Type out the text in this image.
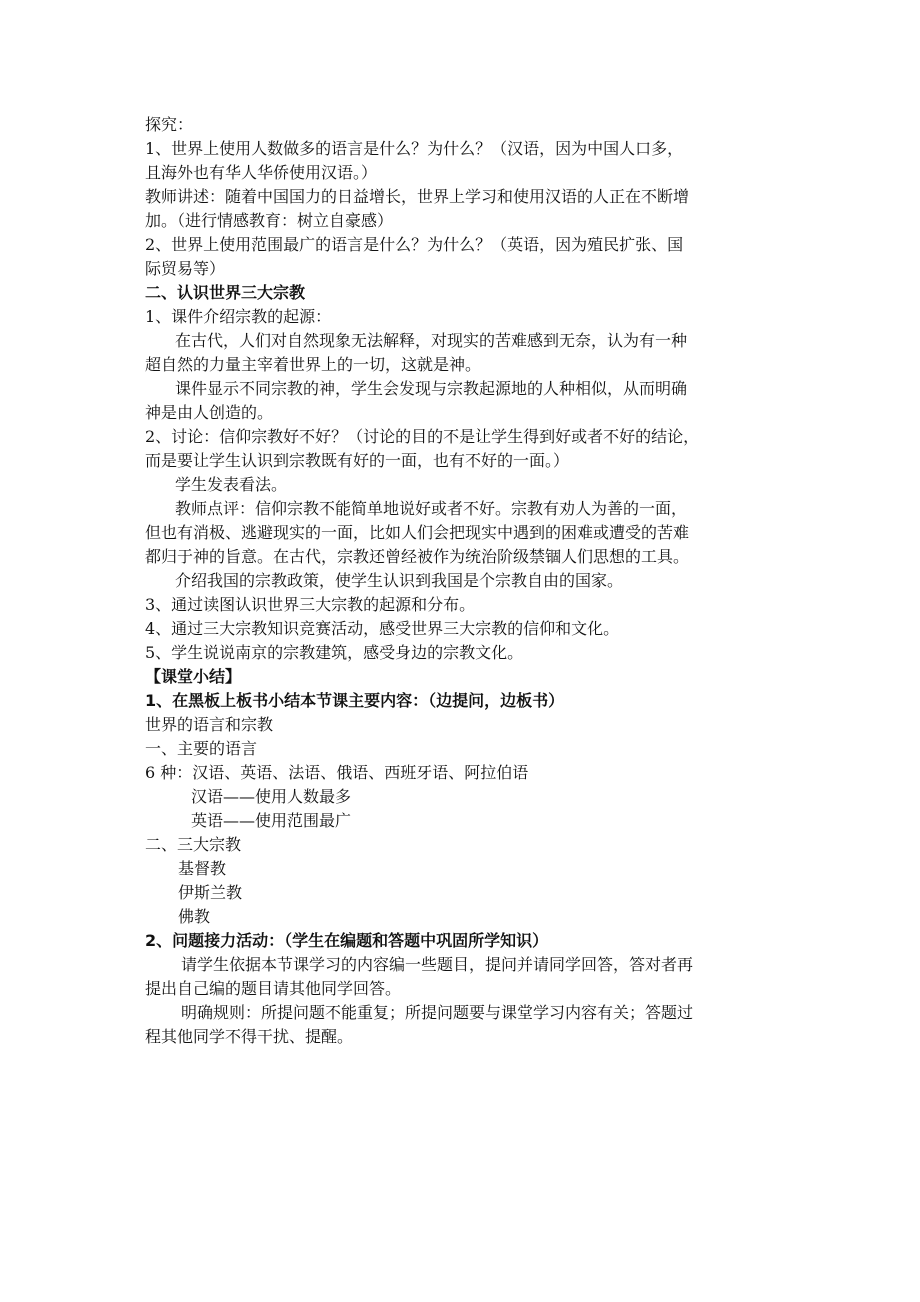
探究：
1、世界上使用人数做多的语言是什么？为什么？（汉语，因为中国人口多，
且海外也有华人华侨使用汉语。）
教师讲述：随着中国国力的日益增长，世界上学习和使用汉语的人正在不断增
加。（进行情感教育：树立自豪感）
2、世界上使用范围最广的语言是什么？为什么？（英语，因为殖民扩张、国
际贸易等）
二、认识世界三大宗教
1、课件介绍宗教的起源：
在古代，人们对自然现象无法解释，对现实的苦难感到无奈，认为有一种
超自然的力量主宰着世界上的一切，这就是神。
课件显示不同宗教的神，学生会发现与宗教起源地的人种相似，从而明确
神是由人创造的。
2、讨论：信仰宗教好不好？（讨论的目的不是让学生得到好或者不好的结论，
而是要让学生认识到宗教既有好的一面，也有不好的一面。）
学生发表看法。
教师点评：信仰宗教不能简单地说好或者不好。宗教有劝人为善的一面，
但也有消极、逃避现实的一面，比如人们会把现实中遇到的困难或遭受的苦难
都归于神的旨意。在古代，宗教还曾经被作为统治阶级禁锢人们思想的工具。
介绍我国的宗教政策，使学生认识到我国是个宗教自由的国家。
3、通过读图认识世界三大宗教的起源和分布。
4、通过三大宗教知识竞赛活动，感受世界三大宗教的信仰和文化。
5、学生说说南京的宗教建筑，感受身边的宗教文化。
【课堂小结】
1、在黑板上板书小结本节课主要内容：（边提问，边板书）
世界的语言和宗教
一、主要的语言
6 种：汉语、英语、法语、俄语、西班牙语、阿拉伯语
汉语——使用人数最多
英语——使用范围最广
二、三大宗教
基督教
伊斯兰教
佛教
2、问题接力活动：（学生在编题和答题中巩固所学知识）
请学生依据本节课学习的内容编一些题目，提问并请同学回答，答对者再
提出自己编的题目请其他同学回答。
明确规则：所提问题不能重复；所提问题要与课堂学习内容有关；答题过
程其他同学不得干扰、提醒。
